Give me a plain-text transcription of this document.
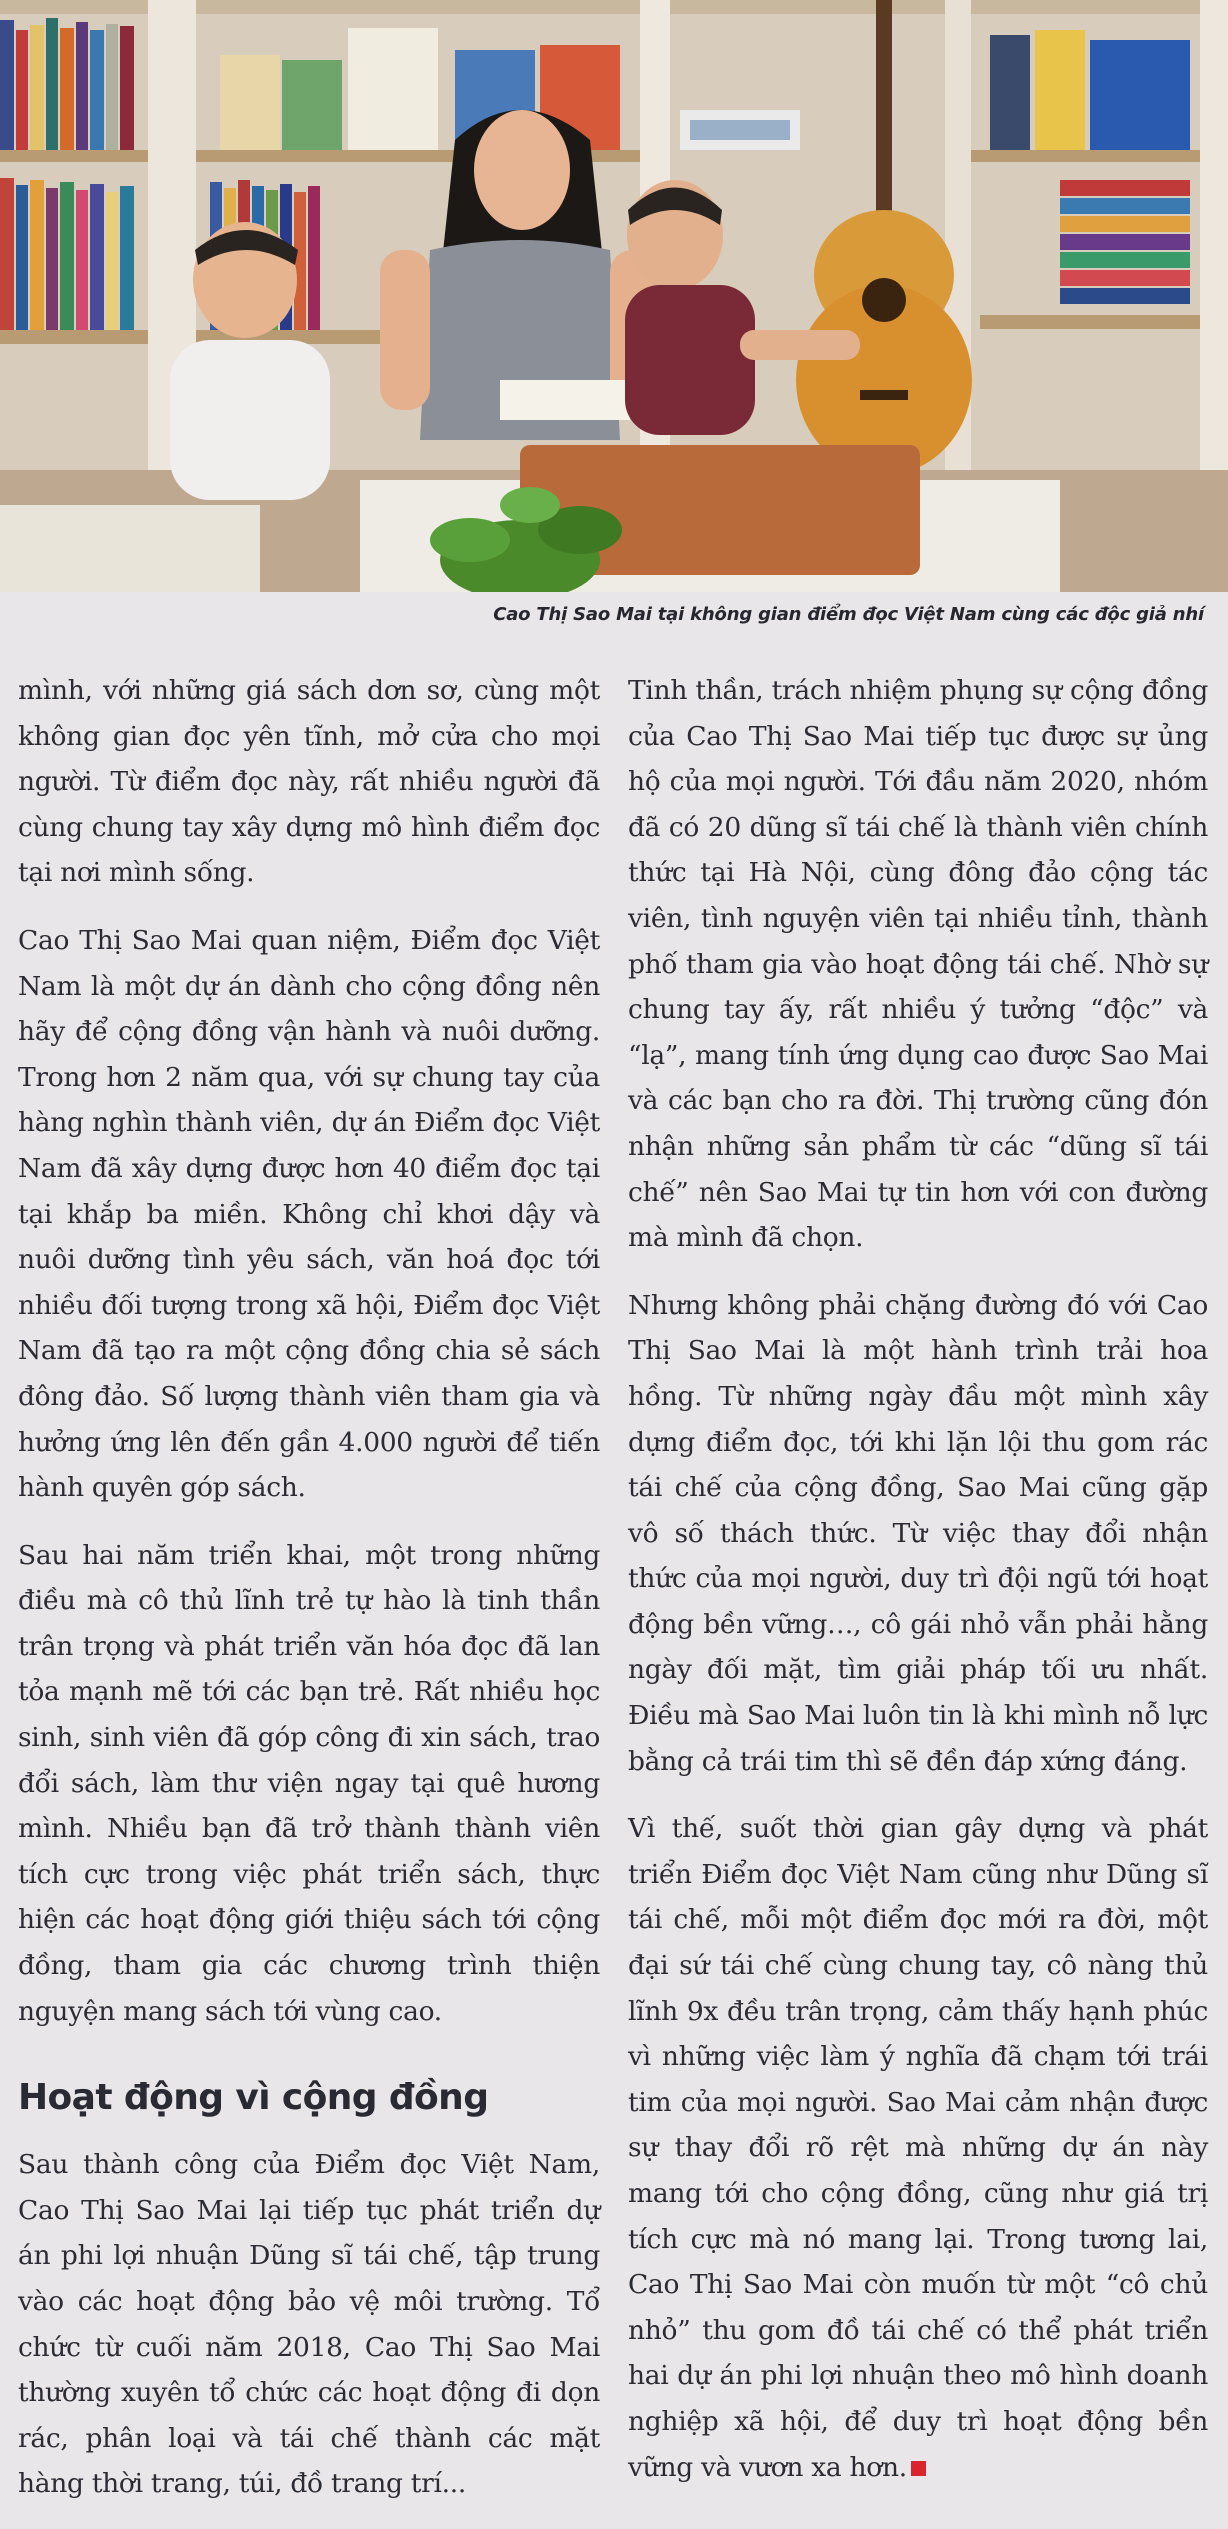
Cao Thị Sao Mai tại không gian điểm đọc Việt Nam cùng các độc giả nhí

mình, với những giá sách dơn sơ, cùng một không gian đọc yên tĩnh, mở cửa cho mọi người. Từ điểm đọc này, rất nhiều người đã cùng chung tay xây dựng mô hình điểm đọc tại nơi mình sống.

Cao Thị Sao Mai quan niệm, Điểm đọc Việt Nam là một dự án dành cho cộng đồng nên hãy để cộng đồng vận hành và nuôi dưỡng. Trong hơn 2 năm qua, với sự chung tay của hàng nghìn thành viên, dự án Điểm đọc Việt Nam đã xây dựng được hơn 40 điểm đọc tại tại khắp ba miền. Không chỉ khơi dậy và nuôi dưỡng tình yêu sách, văn hoá đọc tới nhiều đối tượng trong xã hội, Điểm đọc Việt Nam đã tạo ra một cộng đồng chia sẻ sách đông đảo. Số lượng thành viên tham gia và hưởng ứng lên đến gần 4.000 người để tiến hành quyên góp sách.

Sau hai năm triển khai, một trong những điều mà cô thủ lĩnh trẻ tự hào là tinh thần trân trọng và phát triển văn hóa đọc đã lan tỏa mạnh mẽ tới các bạn trẻ. Rất nhiều học sinh, sinh viên đã góp công đi xin sách, trao đổi sách, làm thư viện ngay tại quê hương mình. Nhiều bạn đã trở thành thành viên tích cực trong việc phát triển sách, thực hiện các hoạt động giới thiệu sách tới cộng đồng, tham gia các chương trình thiện nguyện mang sách tới vùng cao.

Hoạt động vì cộng đồng

Sau thành công của Điểm đọc Việt Nam, Cao Thị Sao Mai lại tiếp tục phát triển dự án phi lợi nhuận Dũng sĩ tái chế, tập trung vào các hoạt động bảo vệ môi trường. Tổ chức từ cuối năm 2018, Cao Thị Sao Mai thường xuyên tổ chức các hoạt động đi dọn rác, phân loại và tái chế thành các mặt hàng thời trang, túi, đồ trang trí...

Tinh thần, trách nhiệm phụng sự cộng đồng của Cao Thị Sao Mai tiếp tục được sự ủng hộ của mọi người. Tới đầu năm 2020, nhóm đã có 20 dũng sĩ tái chế là thành viên chính thức tại Hà Nội, cùng đông đảo cộng tác viên, tình nguyện viên tại nhiều tỉnh, thành phố tham gia vào hoạt động tái chế. Nhờ sự chung tay ấy, rất nhiều ý tưởng “độc” và “lạ”, mang tính ứng dụng cao được Sao Mai và các bạn cho ra đời. Thị trường cũng đón nhận những sản phẩm từ các “dũng sĩ tái chế” nên Sao Mai tự tin hơn với con đường mà mình đã chọn.

Nhưng không phải chặng đường đó với Cao Thị Sao Mai là một hành trình trải hoa hồng. Từ những ngày đầu một mình xây dựng điểm đọc, tới khi lặn lội thu gom rác tái chế của cộng đồng, Sao Mai cũng gặp vô số thách thức. Từ việc thay đổi nhận thức của mọi người, duy trì đội ngũ tới hoạt động bền vững…, cô gái nhỏ vẫn phải hằng ngày đối mặt, tìm giải pháp tối ưu nhất. Điều mà Sao Mai luôn tin là khi mình nỗ lực bằng cả trái tim thì sẽ đền đáp xứng đáng.

Vì thế, suốt thời gian gây dựng và phát triển Điểm đọc Việt Nam cũng như Dũng sĩ tái chế, mỗi một điểm đọc mới ra đời, một đại sứ tái chế cùng chung tay, cô nàng thủ lĩnh 9x đều trân trọng, cảm thấy hạnh phúc vì những việc làm ý nghĩa đã chạm tới trái tim của mọi người. Sao Mai cảm nhận được sự thay đổi rõ rệt mà những dự án này mang tới cho cộng đồng, cũng như giá trị tích cực mà nó mang lại. Trong tương lai, Cao Thị Sao Mai còn muốn từ một “cô chủ nhỏ” thu gom đồ tái chế có thể phát triển hai dự án phi lợi nhuận theo mô hình doanh nghiệp xã hội, để duy trì hoạt động bền vững và vươn xa hơn.
